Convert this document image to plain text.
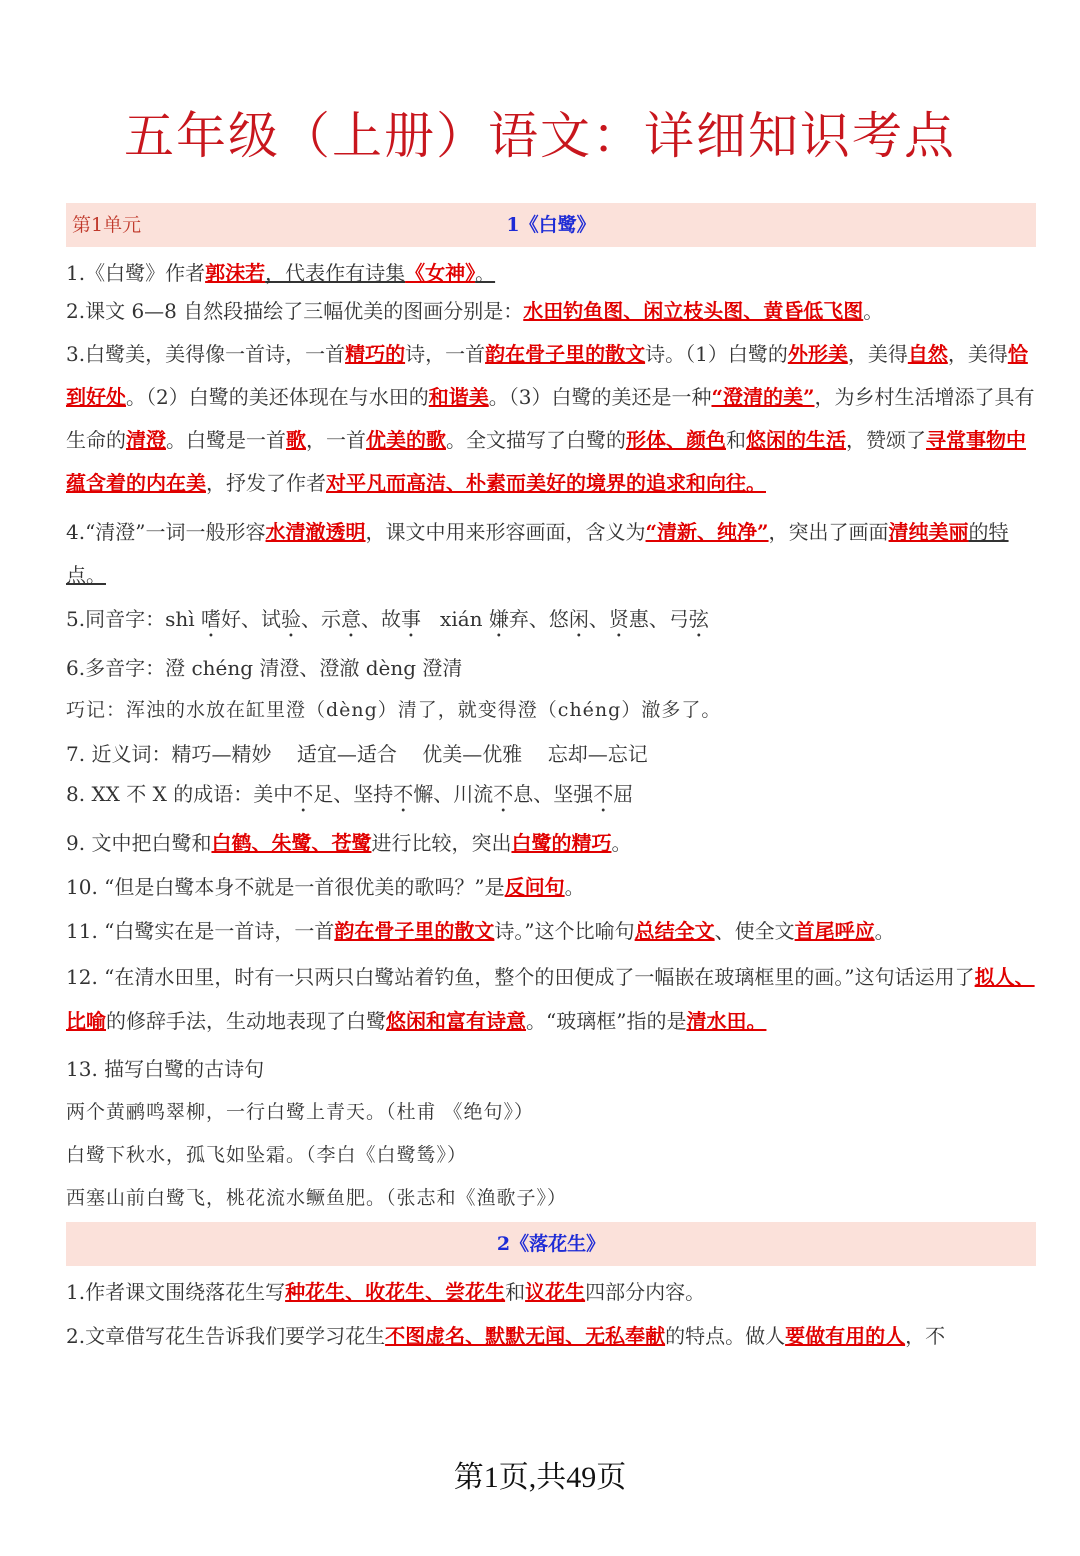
五年级（上册）语文：详细知识考点
第1单元	1《白鹭》

1.《白鹭》作者郭沫若，代表作有诗集《女神》。

2.课文 6—8 自然段描绘了三幅优美的图画分别是：水田钓鱼图、闲立枝头图、黄昏低飞图。

3.白鹭美，美得像一首诗，一首精巧的诗，一首韵在骨子里的散文诗。（1）白鹭的外形美，美得自然，美得恰到好处。（2）白鹭的美还体现在与水田的和谐美。（3）白鹭的美还是一种“澄清的美”，为乡村生活增添了具有生命的清澄。白鹭是一首歌，一首优美的歌。全文描写了白鹭的形体、颜色和悠闲的生活，赞颂了寻常事物中蕴含着的内在美，抒发了作者对平凡而高洁、朴素而美好的境界的追求和向往。

4.“清澄”一词一般形容水清澈透明，课文中用来形容画面，含义为“清新、纯净”，突出了画面清纯美丽的特点。

5.同音字：shì 嗜好、试验、示意、故事   xián 嫌弃、悠闲、贤惠、弓弦

6.多音字：澄 chéng 清澄、澄澈 dèng 澄清

巧记：浑浊的水放在缸里澄（dèng）清了，就变得澄（chéng）澈多了。

7. 近义词：精巧—精妙    适宜—适合    优美—优雅    忘却—忘记

8. XX 不 X 的成语：美中不足、坚持不懈、川流不息、坚强不屈

9. 文中把白鹭和白鹤、朱鹭、苍鹭进行比较，突出白鹭的精巧。

10. “但是白鹭本身不就是一首很优美的歌吗？”是反问句。

11. “白鹭实在是一首诗，一首韵在骨子里的散文诗。”这个比喻句总结全文、使全文首尾呼应。

12. “在清水田里，时有一只两只白鹭站着钓鱼，整个的田便成了一幅嵌在玻璃框里的画。”这句话运用了拟人、比喻的修辞手法，生动地表现了白鹭悠闲和富有诗意。“玻璃框”指的是清水田。

13. 描写白鹭的古诗句

两个黄鹂鸣翠柳，一行白鹭上青天。（杜甫 《绝句》）

白鹭下秋水，孤飞如坠霜。（李白《白鹭鸶》）

西塞山前白鹭飞，桃花流水鳜鱼肥。（张志和《渔歌子》）

2《落花生》

1.作者课文围绕落花生写种花生、收花生、尝花生和议花生四部分内容。

2.文章借写花生告诉我们要学习花生不图虚名、默默无闻、无私奉献的特点。做人要做有用的人，不

第1页,共49页
